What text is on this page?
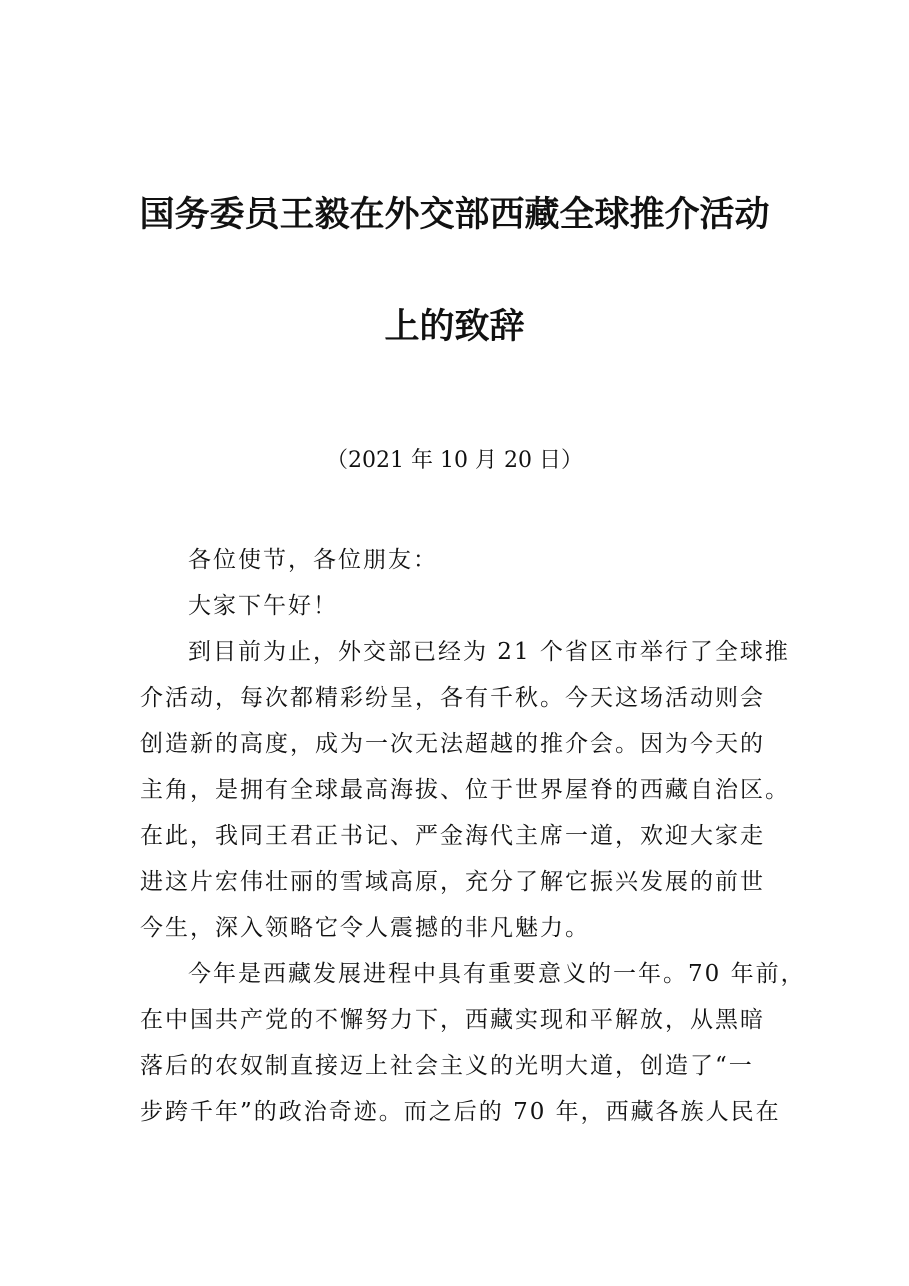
国务委员王毅在外交部西藏全球推介活动
上的致辞
（2021 年 10 月 20 日）
各位使节，各位朋友：
大家下午好！
到目前为止，外交部已经为 21 个省区市举行了全球推
介活动，每次都精彩纷呈，各有千秋。今天这场活动则会
创造新的高度，成为一次无法超越的推介会。因为今天的
主角，是拥有全球最高海拔、位于世界屋脊的西藏自治区。
在此，我同王君正书记、严金海代主席一道，欢迎大家走
进这片宏伟壮丽的雪域高原，充分了解它振兴发展的前世
今生，深入领略它令人震撼的非凡魅力。
今年是西藏发展进程中具有重要意义的一年。70 年前，
在中国共产党的不懈努力下，西藏实现和平解放，从黑暗
落后的农奴制直接迈上社会主义的光明大道，创造了“一
步跨千年”的政治奇迹。而之后的 70 年，西藏各族人民在
